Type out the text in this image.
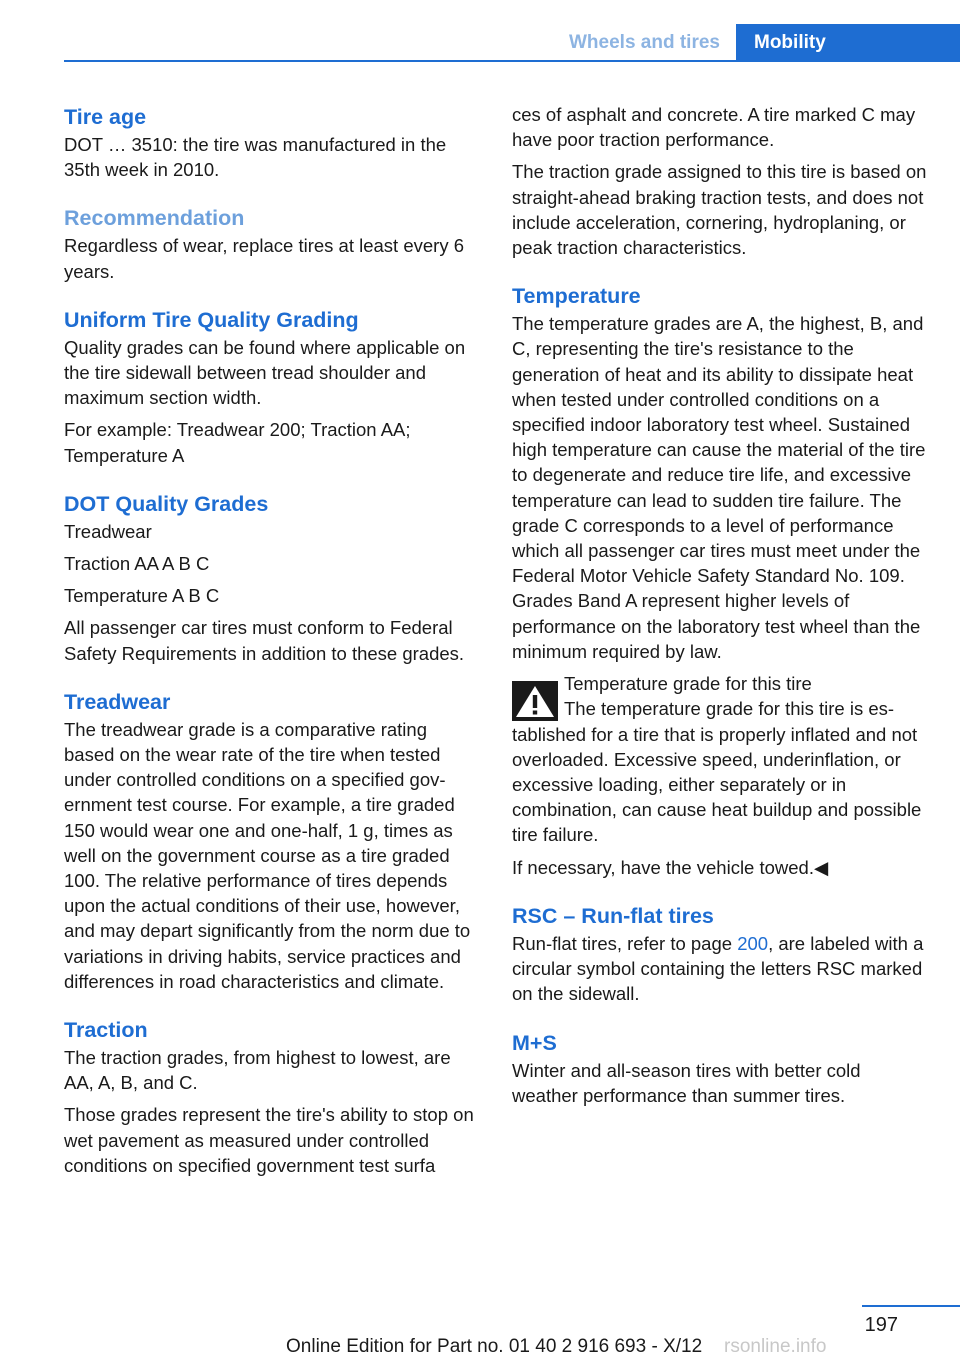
Wheels and tires	Mobility
Tire age

DOT … 3510: the tire was manufactured in the 35th week in 2010.

Recommendation

Regardless of wear, replace tires at least every 6 years.

Uniform Tire Quality Grading

Quality grades can be found where applicable on the tire sidewall between tread shoulder and maximum section width.

For example: Treadwear 200; Traction AA; Temperature A

DOT Quality Grades

Treadwear

Traction AA A B C

Temperature A B C

All passenger car tires must conform to Federal Safety Requirements in addition to these grades.

Treadwear

The treadwear grade is a comparative rating based on the wear rate of the tire when tested under controlled conditions on a specified government test course. For example, a tire graded 150 would wear one and one-half, 1 g, times as well on the government course as a tire graded 100. The relative performance of tires depends upon the actual conditions of their use, however, and may depart significantly from the norm due to variations in driving habits, service practices and differences in road characteristics and climate.

Traction

The traction grades, from highest to lowest, are AA, A, B, and C.

Those grades represent the tire's ability to stop on wet pavement as measured under controlled conditions on specified government test surfa

ces of asphalt and concrete. A tire marked C may have poor traction performance.

The traction grade assigned to this tire is based on straight-ahead braking traction tests, and does not include acceleration, cornering, hydroplaning, or peak traction characteristics.

Temperature

The temperature grades are A, the highest, B, and C, representing the tire's resistance to the generation of heat and its ability to dissipate heat when tested under controlled conditions on a specified indoor laboratory test wheel. Sustained high temperature can cause the material of the tire to degenerate and reduce tire life, and excessive temperature can lead to sudden tire failure. The grade C corresponds to a level of performance which all passenger car tires must meet under the Federal Motor Vehicle Safety Standard No. 109. Grades Band A represent higher levels of performance on the laboratory test wheel than the minimum required by law.

Temperature grade for this tire

The temperature grade for this tire is established for a tire that is properly inflated and not overloaded. Excessive speed, underinflation, or excessive loading, either separately or in combination, can cause heat buildup and possible tire failure.

If necessary, have the vehicle towed.◀

RSC – Run-flat tires

Run-flat tires, refer to page 200, are labeled with a circular symbol containing the letters RSC marked on the sidewall.

M+S

Winter and all-season tires with better cold weather performance than summer tires.

197
Online Edition for Part no. 01 40 2 916 693 - X/12 rsonline.info
